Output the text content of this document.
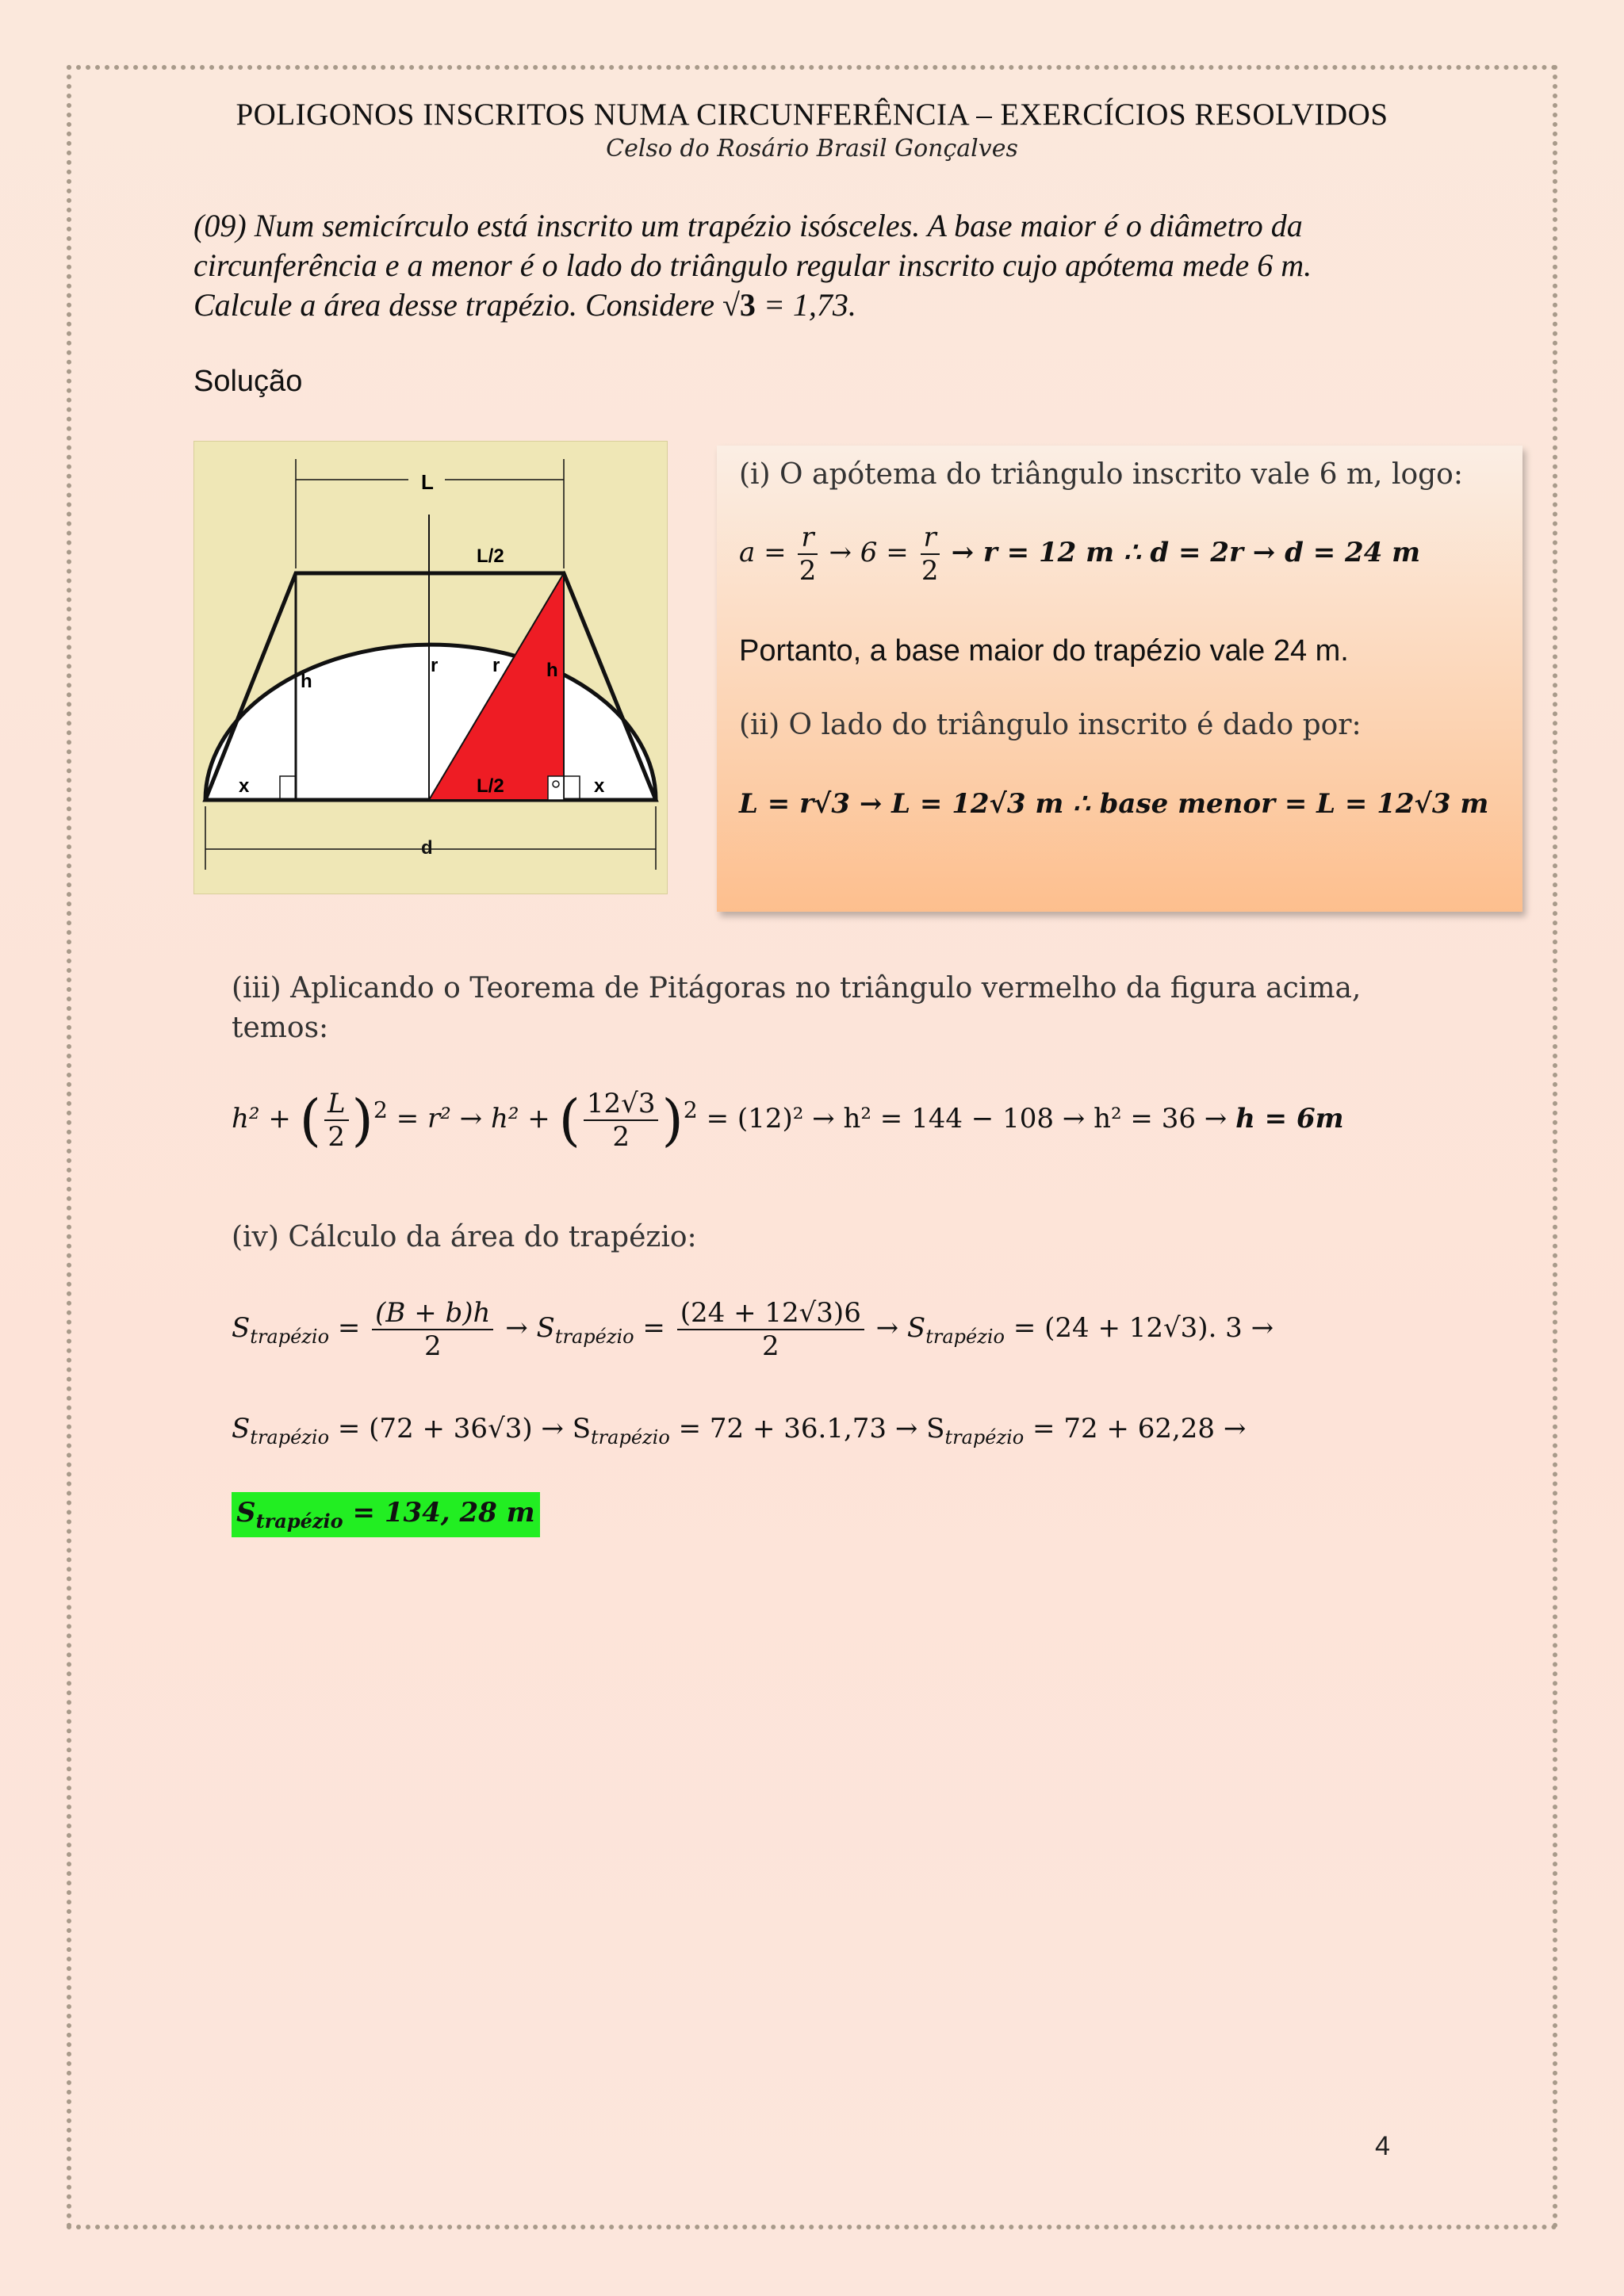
POLIGONOS INSCRITOS NUMA CIRCUNFERÊNCIA – EXERCÍCIOS RESOLVIDOS
Celso do Rosário Brasil Gonçalves
(09) Num semicírculo está inscrito um trapézio isósceles. A base maior é o diâmetro da
circunferência e a menor é o lado do triângulo regular inscrito cujo apótema mede 6 m.
Calcule a área desse trapézio. Considere √3 = 1,73.
Solução
L
L/2
h
r	r h
x	L/2	x
d
(i) O apótema do triângulo inscrito vale 6 m, logo:
$a = \frac{r}{2} \to 6 = \frac{r}{2} \to r = 12$ m ∴ d = 2r → d = 24 m
Portanto, a base maior do trapézio vale 24 m.
(ii) O lado do triângulo inscrito é dado por:
L = r√3 → L = 12√3 m ∴ base menor = L = 12√3 m
(iii) Aplicando o Teorema de Pitágoras no triângulo vermelho da figura acima, temos:
h² + ( $\frac{L}{2} )^2 = r^2 \to h^2$ + ( $\frac{12√3}{2} )^2 = (12)^2 \to h^2 = 144 - 108 \to h^2 = 36 \to h = 6m$
(iv) Cálculo da área do trapézio:
$S_{trapézio} = \frac{(B + b)h}{2} \to S_{trapézio} = \frac{(24 + 12√3)6}{2} \to S_{trapézio} = (24 + 12√3)$. 3 →
$S_{trapézio} = (72 + 36√3) \to S_{trapézio} = 72 + 36.1,73 \to S_{trapézio} = 72 + 62,28$ →
$S_{trapézio} = 134$, 28 m
4
